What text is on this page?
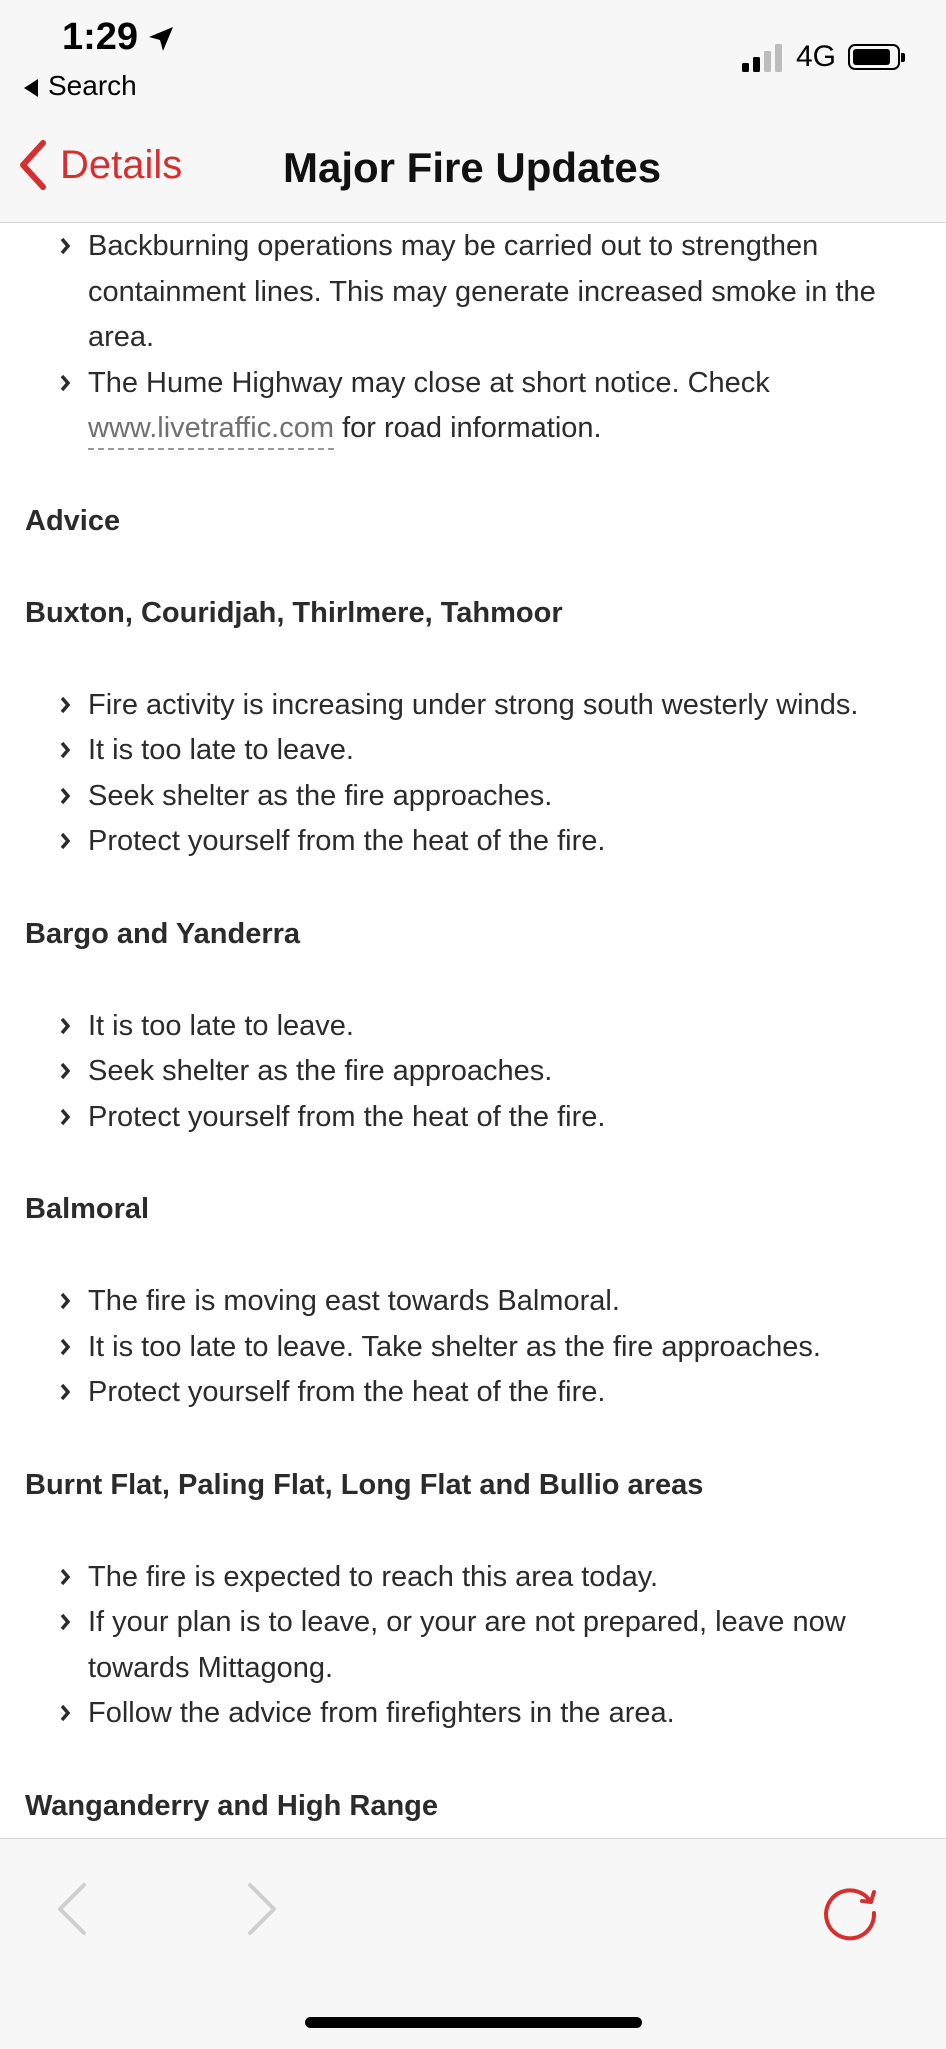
1:29
Search
4G
Details Major Fire Updates
Backburning operations may be carried out to strengthen containment lines. This may generate increased smoke in the area.
The Hume Highway may close at short notice. Check www.livetraffic.com for road information.

Advice

Buxton, Couridjah, Thirlmere, Tahmoor

Fire activity is increasing under strong south westerly winds.
It is too late to leave.
Seek shelter as the fire approaches.
Protect yourself from the heat of the fire.

Bargo and Yanderra

It is too late to leave.
Seek shelter as the fire approaches.
Protect yourself from the heat of the fire.

Balmoral

The fire is moving east towards Balmoral.
It is too late to leave. Take shelter as the fire approaches.
Protect yourself from the heat of the fire.

Burnt Flat, Paling Flat, Long Flat and Bullio areas

The fire is expected to reach this area today.
If your plan is to leave, or your are not prepared, leave now towards Mittagong.
Follow the advice from firefighters in the area.

Wanganderry and High Range
